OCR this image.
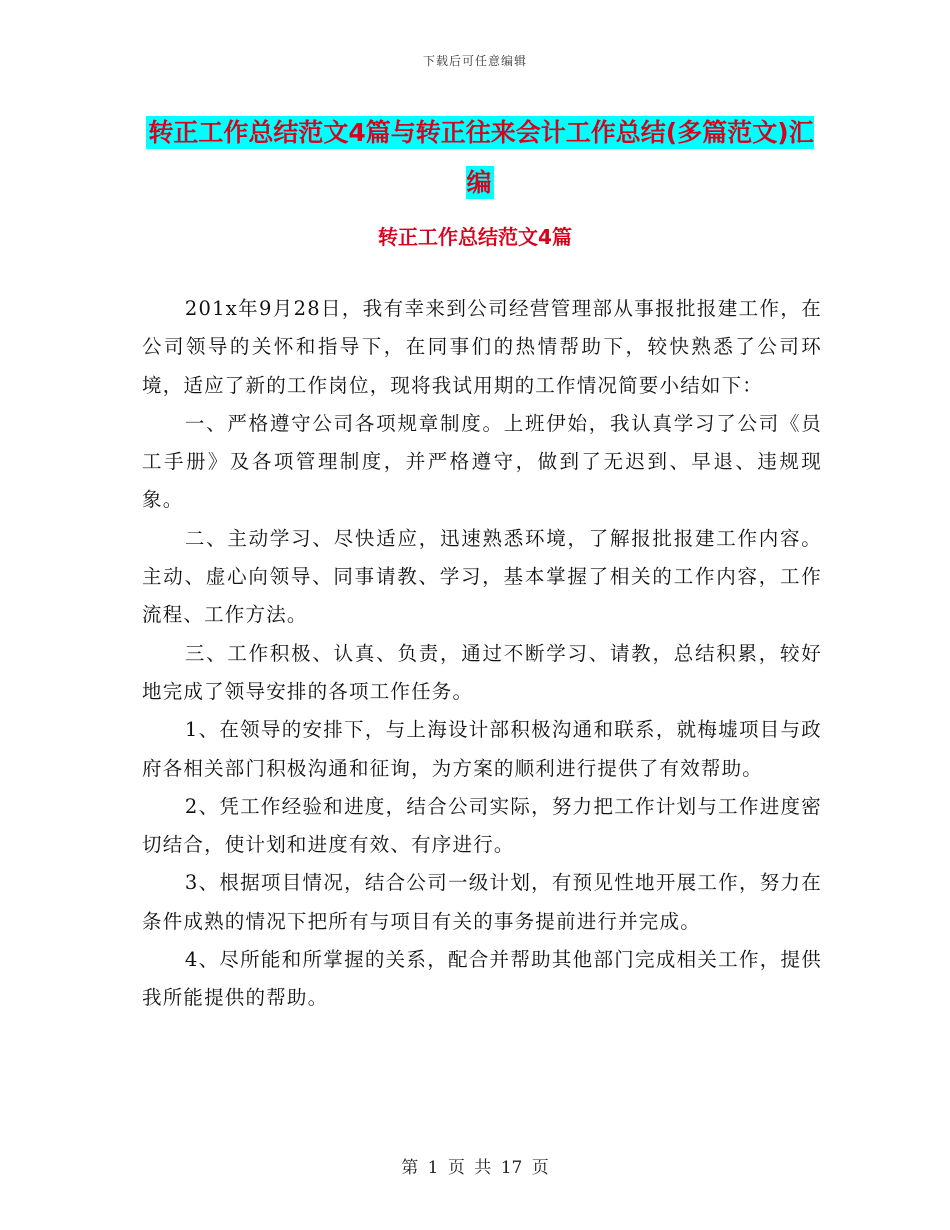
下载后可任意编辑
转正工作总结范文4篇与转正往来会计工作总结(多篇范文)汇编
转正工作总结范文4篇

201x年9月28日，我有幸来到公司经营管理部从事报批报建工作，在公司领导的关怀和指导下，在同事们的热情帮助下，较快熟悉了公司环境，适应了新的工作岗位，现将我试用期的工作情况简要小结如下：

一、严格遵守公司各项规章制度。上班伊始，我认真学习了公司《员工手册》及各项管理制度，并严格遵守，做到了无迟到、早退、违规现象。

二、主动学习、尽快适应，迅速熟悉环境，了解报批报建工作内容。主动、虚心向领导、同事请教、学习，基本掌握了相关的工作内容，工作流程、工作方法。

三、工作积极、认真、负责，通过不断学习、请教，总结积累，较好地完成了领导安排的各项工作任务。

1、在领导的安排下，与上海设计部积极沟通和联系，就梅墟项目与政府各相关部门积极沟通和征询，为方案的顺利进行提供了有效帮助。

2、凭工作经验和进度，结合公司实际，努力把工作计划与工作进度密切结合，使计划和进度有效、有序进行。

3、根据项目情况，结合公司一级计划，有预见性地开展工作，努力在条件成熟的情况下把所有与项目有关的事务提前进行并完成。

4、尽所能和所掌握的关系，配合并帮助其他部门完成相关工作，提供我所能提供的帮助。

第 1 页 共 17 页
